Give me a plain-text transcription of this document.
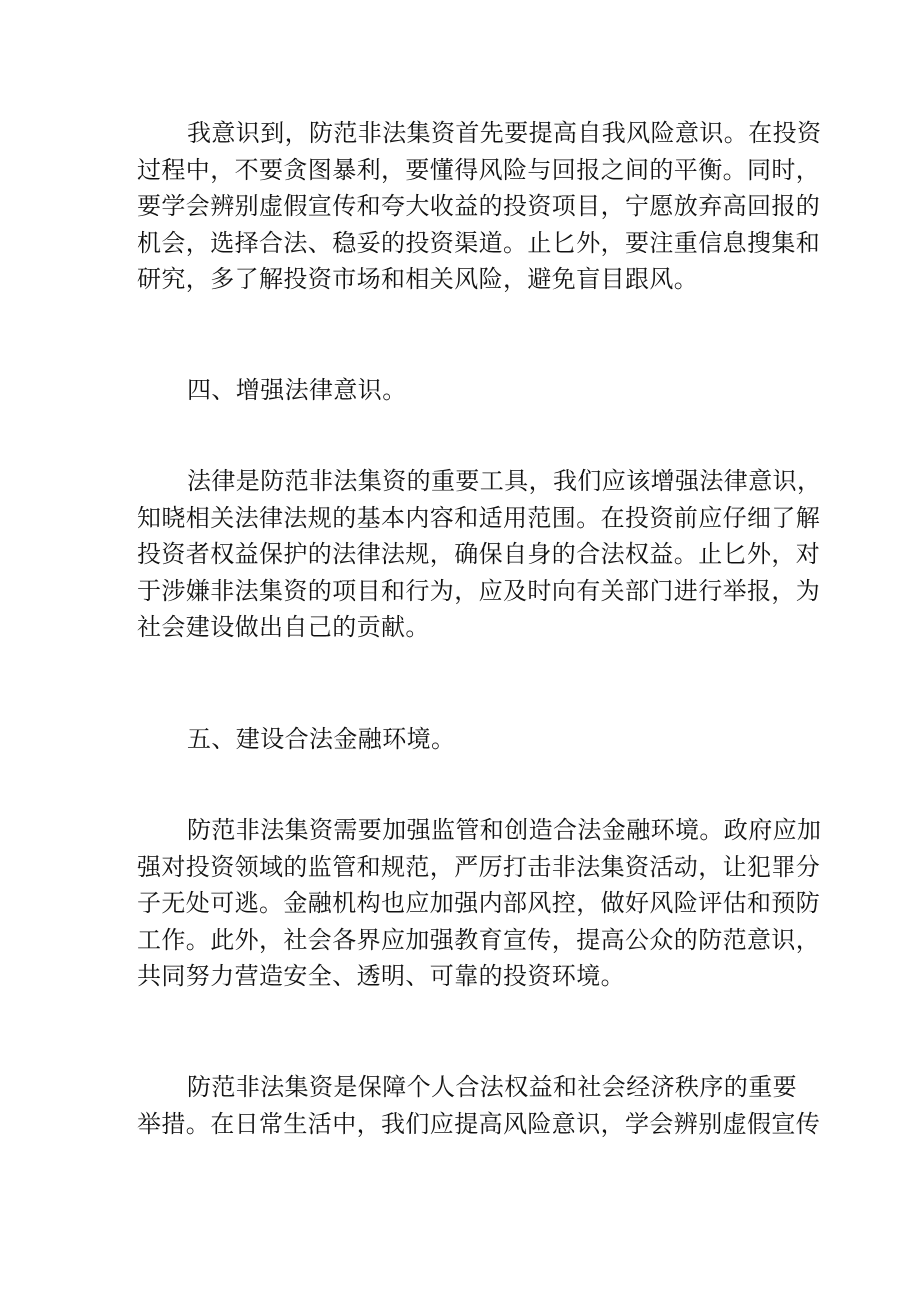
我意识到，防范非法集资首先要提高自我风险意识。在投资
过程中，不要贪图暴利，要懂得风险与回报之间的平衡。同时，
要学会辨别虚假宣传和夸大收益的投资项目，宁愿放弃高回报的
机会，选择合法、稳妥的投资渠道。止匕外，要注重信息搜集和
研究，多了解投资市场和相关风险，避免盲目跟风。
四、增强法律意识。
法律是防范非法集资的重要工具，我们应该增强法律意识，
知晓相关法律法规的基本内容和适用范围。在投资前应仔细了解
投资者权益保护的法律法规，确保自身的合法权益。止匕外，对
于涉嫌非法集资的项目和行为，应及时向有关部门进行举报，为
社会建设做出自己的贡献。
五、建设合法金融环境。
防范非法集资需要加强监管和创造合法金融环境。政府应加
强对投资领域的监管和规范，严厉打击非法集资活动，让犯罪分
子无处可逃。金融机构也应加强内部风控，做好风险评估和预防
工作。此外，社会各界应加强教育宣传，提高公众的防范意识，
共同努力营造安全、透明、可靠的投资环境。
防范非法集资是保障个人合法权益和社会经济秩序的重要
举措。在日常生活中，我们应提高风险意识，学会辨别虚假宣传
